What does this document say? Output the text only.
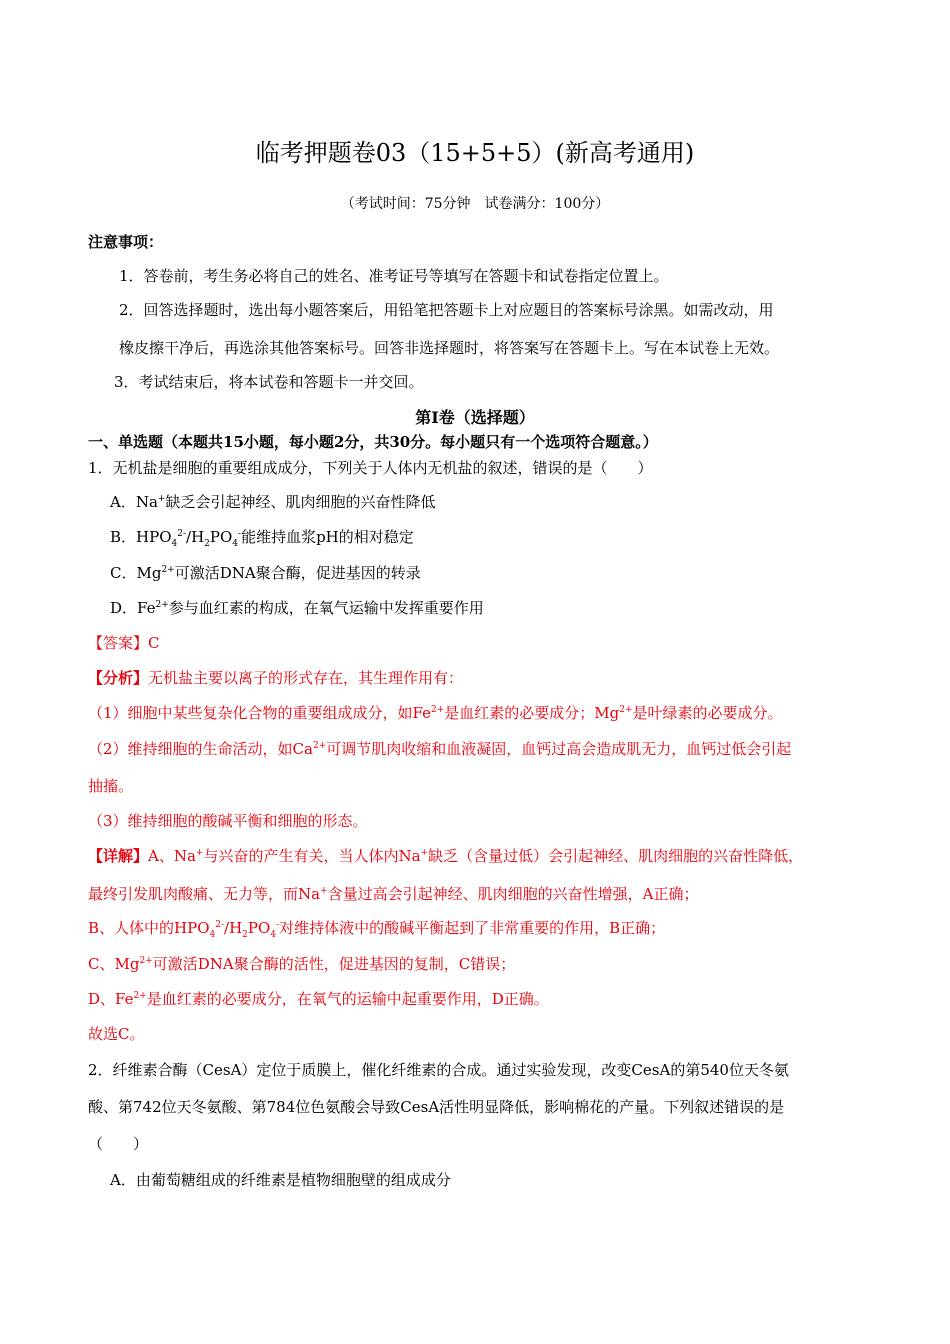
临考押题卷03（15+5+5）(新高考通用)
（考试时间：75分钟　试卷满分：100分）
注意事项：
1．答卷前，考生务必将自己的姓名、准考证号等填写在答题卡和试卷指定位置上。
2．回答选择题时，选出每小题答案后，用铅笔把答题卡上对应题目的答案标号涂黑。如需改动，用
橡皮擦干净后，再选涂其他答案标号。回答非选择题时，将答案写在答题卡上。写在本试卷上无效。
3．考试结束后，将本试卷和答题卡一并交回。
第Ⅰ卷（选择题）
一、单选题（本题共15小题，每小题2分，共30分。每小题只有一个选项符合题意。）
1．无机盐是细胞的重要组成成分，下列关于人体内无机盐的叙述，错误的是（　　）
A．Na+缺乏会引起神经、肌肉细胞的兴奋性降低
B．$HPO_4^{2-}/H_2PO_4^-$能维持血浆pH的相对稳定
C．$Mg^{2+}$可激活DNA聚合酶，促进基因的转录
D．$Fe^{2+}$参与血红素的构成，在氧气运输中发挥重要作用
【答案】C
【分析】无机盐主要以离子的形式存在，其生理作用有：
（1）细胞中某些复杂化合物的重要组成成分，如$Fe^{2+}$是血红素的必要成分；$Mg^{2+}$是叶绿素的必要成分。
（2）维持细胞的生命活动，如$Ca^{2+}$可调节肌肉收缩和血液凝固，血钙过高会造成肌无力，血钙过低会引起
抽搐。
（3）维持细胞的酸碱平衡和细胞的形态。
【详解】A、Na+与兴奋的产生有关，当人体内Na+缺乏（含量过低）会引起神经、肌肉细胞的兴奋性降低，
最终引发肌肉酸痛、无力等，而Na+含量过高会引起神经、肌肉细胞的兴奋性增强，A正确；
B、人体中的$HPO_4^{2-}/H_2PO_4^-$对维持体液中的酸碱平衡起到了非常重要的作用，B正确；
C、$Mg^{2+}$可激活DNA聚合酶的活性，促进基因的复制，C错误；
D、$Fe^{2+}$是血红素的必要成分，在氧气的运输中起重要作用，D正确。
故选C。
2．纤维素合酶（CesA）定位于质膜上，催化纤维素的合成。通过实验发现，改变CesA的第540位天冬氨
酸、第742位天冬氨酸、第784位色氨酸会导致CesA活性明显降低，影响棉花的产量。下列叙述错误的是
（　　）
A．由葡萄糖组成的纤维素是植物细胞壁的组成成分
